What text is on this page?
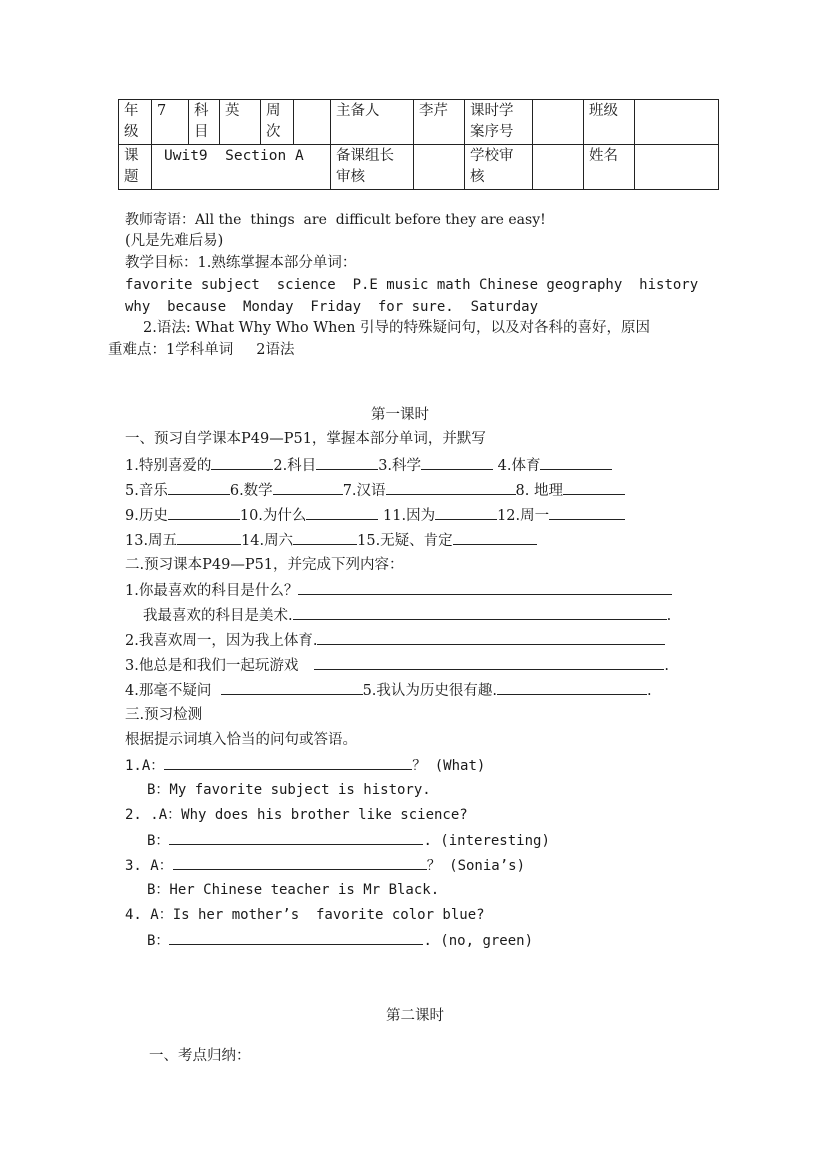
年级	7	科目	英	周次		主备人	李芹	课时学案序号		班级	
课题	Uwit9  Section A					备课组长审核		学校审核		姓名	
教师寄语：All the  things  are  difficult before they are easy!
(凡是先难后易)
教学目标：1.熟练掌握本部分单词：
favorite subject  science  P.E music math Chinese geography  history
why  because  Monday  Friday  for sure.  Saturday
2.语法: What Why Who When 引导的特殊疑问句，以及对各科的喜好，原因
重难点：1学科单词     2语法
第一课时
一、预习自学课本P49—P51，掌握本部分单词，并默写
1.特别喜爱的	2.科目	3.科学	4.体育
5.音乐	6.数学	7.汉语	8. 地理
9.历史	10.为什么	11.因为	12.周一
13.周五	14.周六	15.无疑、肯定
二.预习课本P49—P51，并完成下列内容：
1.你最喜欢的科目是什么？
我最喜欢的科目是美术.	.
2.我喜欢周一，因为我上体育.
3.他总是和我们一起玩游戏	.
4.那毫不疑问	5.我认为历史很有趣.	.
三.预习检测
根据提示词填入恰当的问句或答语。
1.A：	？ (What)
B：My favorite subject is history.
2. .A：Why does his brother like science?
B：	. (interesting)
3. A：	？ (Sonia’s)
B：Her Chinese teacher is Mr Black.
4. A：Is her mother’s  favorite color blue?
B：	. (no, green)
第二课时
一、考点归纳：
